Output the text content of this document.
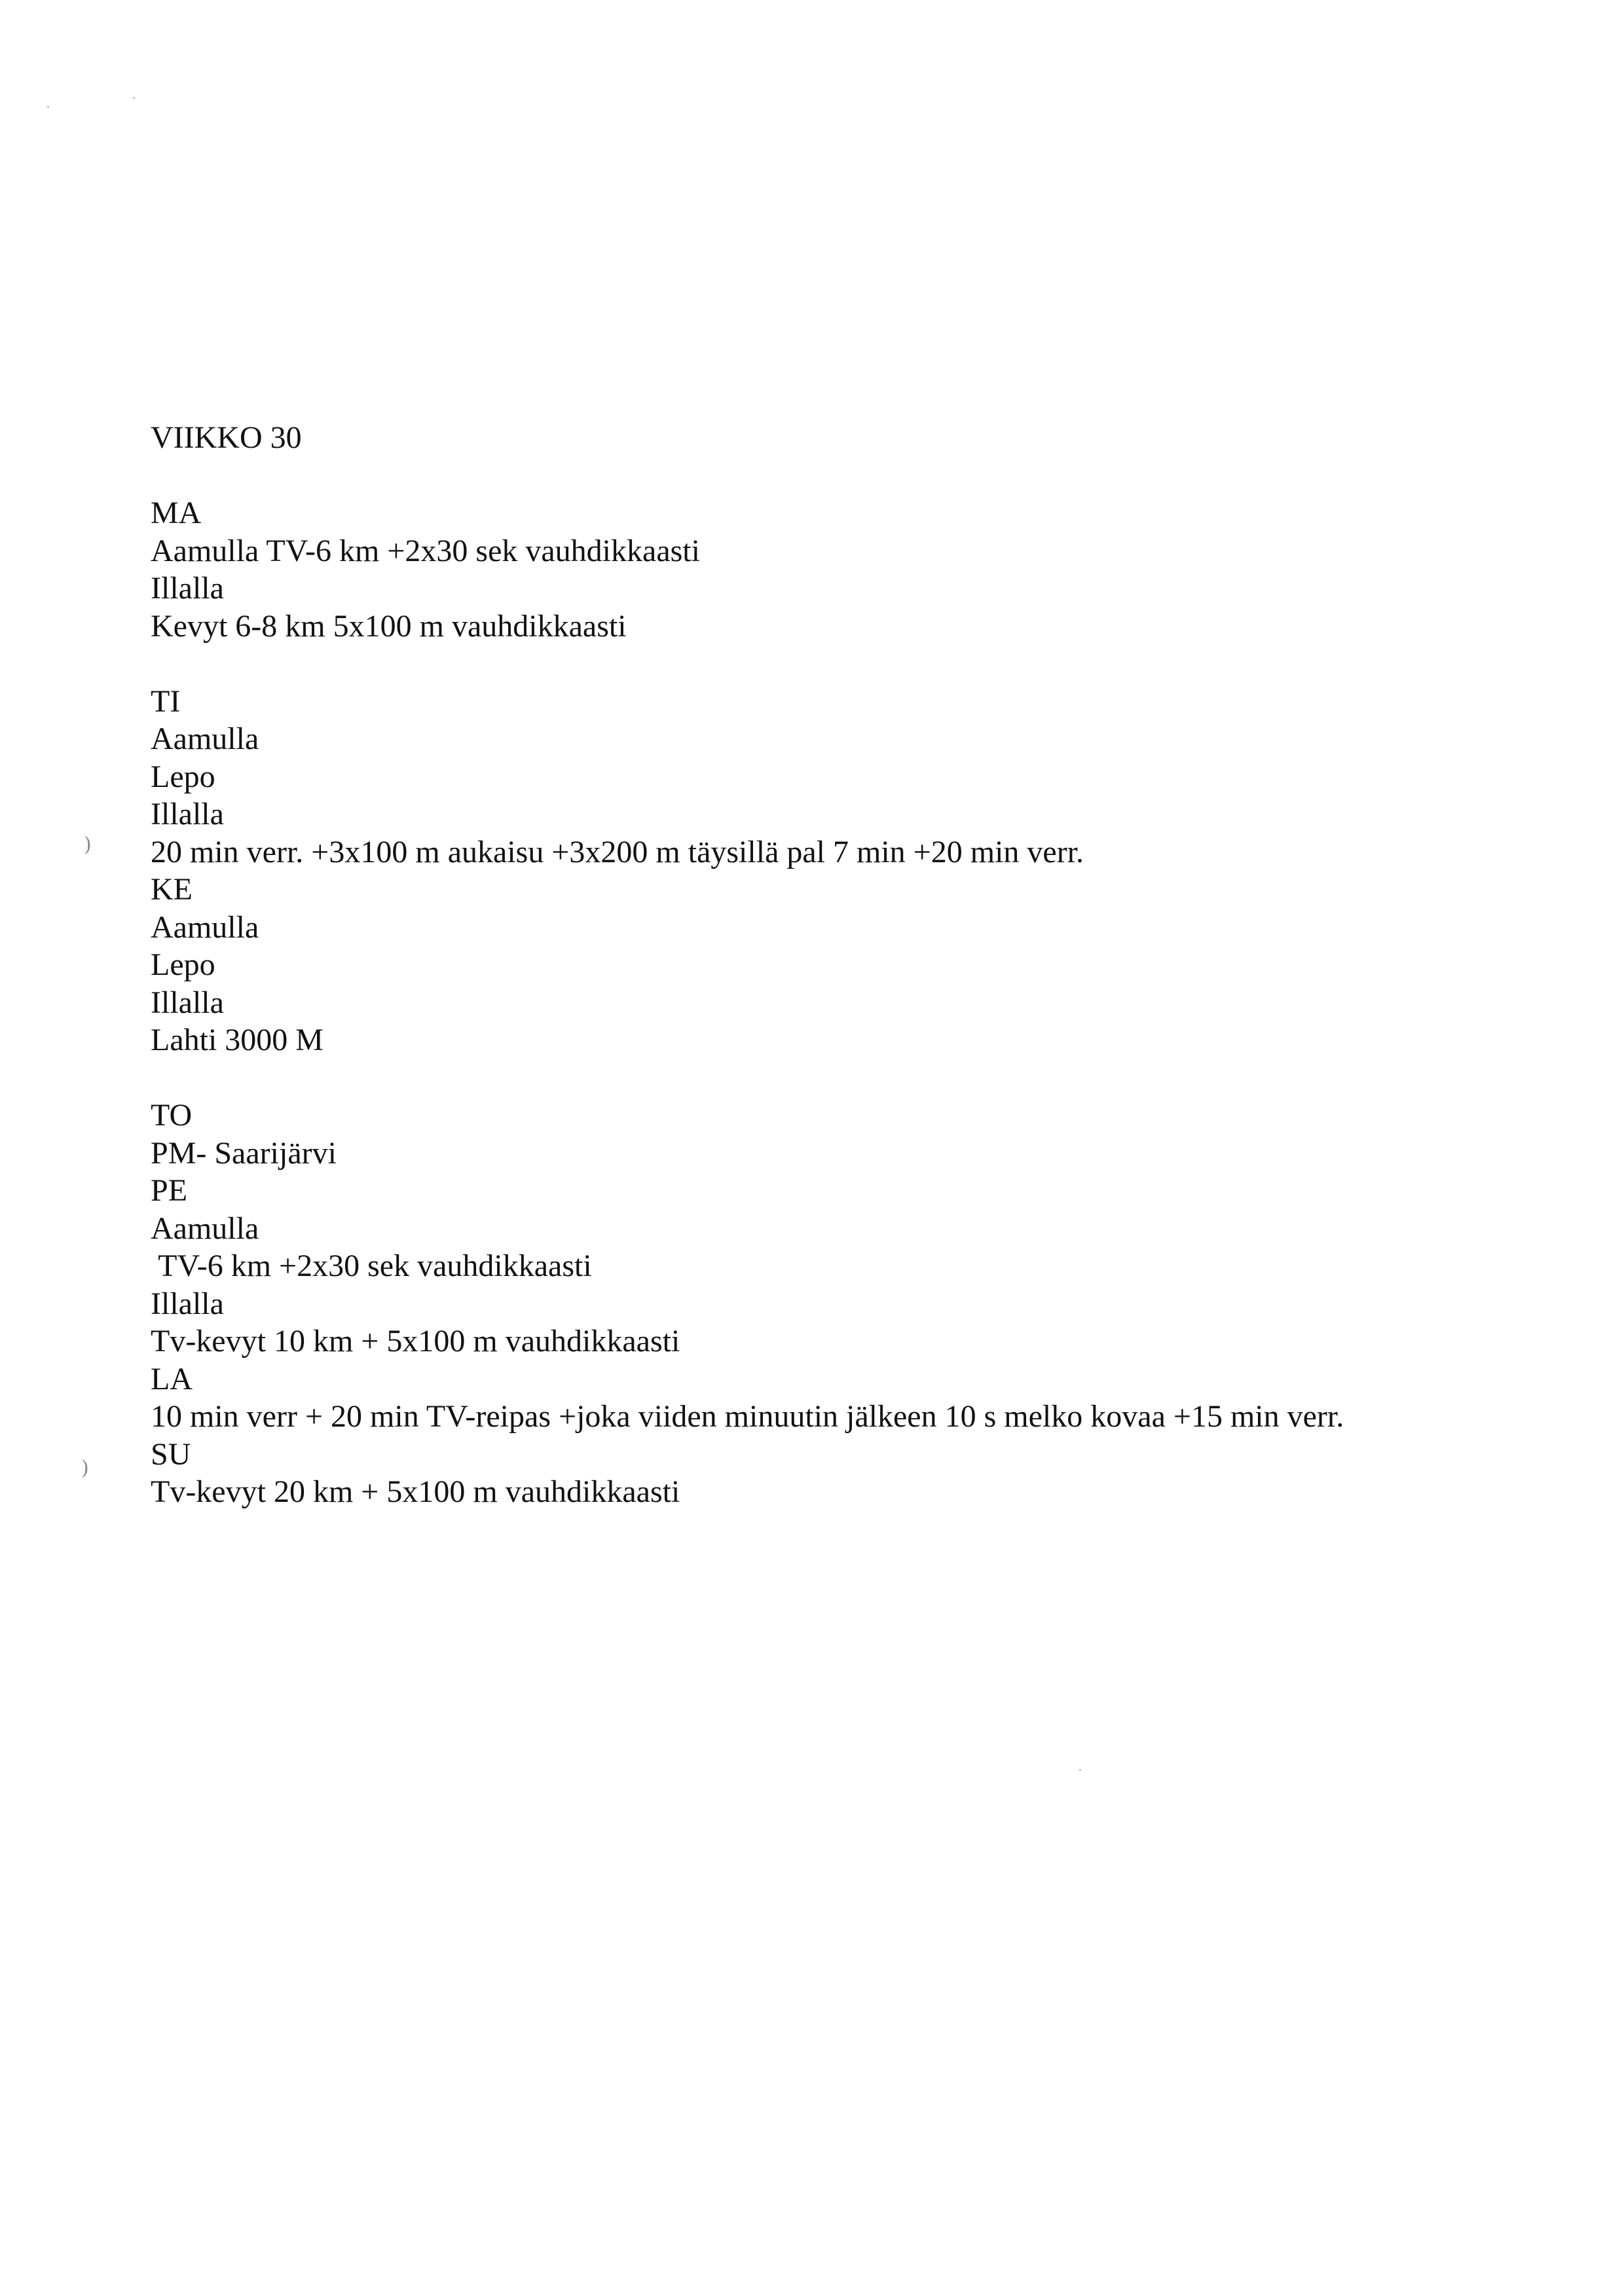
)
)

VIIKKO 30

MA

Aamulla TV-6 km +2x30 sek vauhdikkaasti

Illalla

Kevyt 6-8 km 5x100 m vauhdikkaasti

TI

Aamulla

Lepo

Illalla

20 min verr. +3x100 m aukaisu +3x200 m täysillä pal 7 min +20 min verr.

KE

Aamulla

Lepo

Illalla

Lahti 3000 M

TO

PM- Saarijärvi

PE

Aamulla

TV-6 km +2x30 sek vauhdikkaasti

Illalla

Tv-kevyt 10 km + 5x100 m vauhdikkaasti

LA

10 min verr + 20 min TV-reipas +joka viiden minuutin jälkeen 10 s melko kovaa +15 min verr.

SU

Tv-kevyt 20 km + 5x100 m vauhdikkaasti
